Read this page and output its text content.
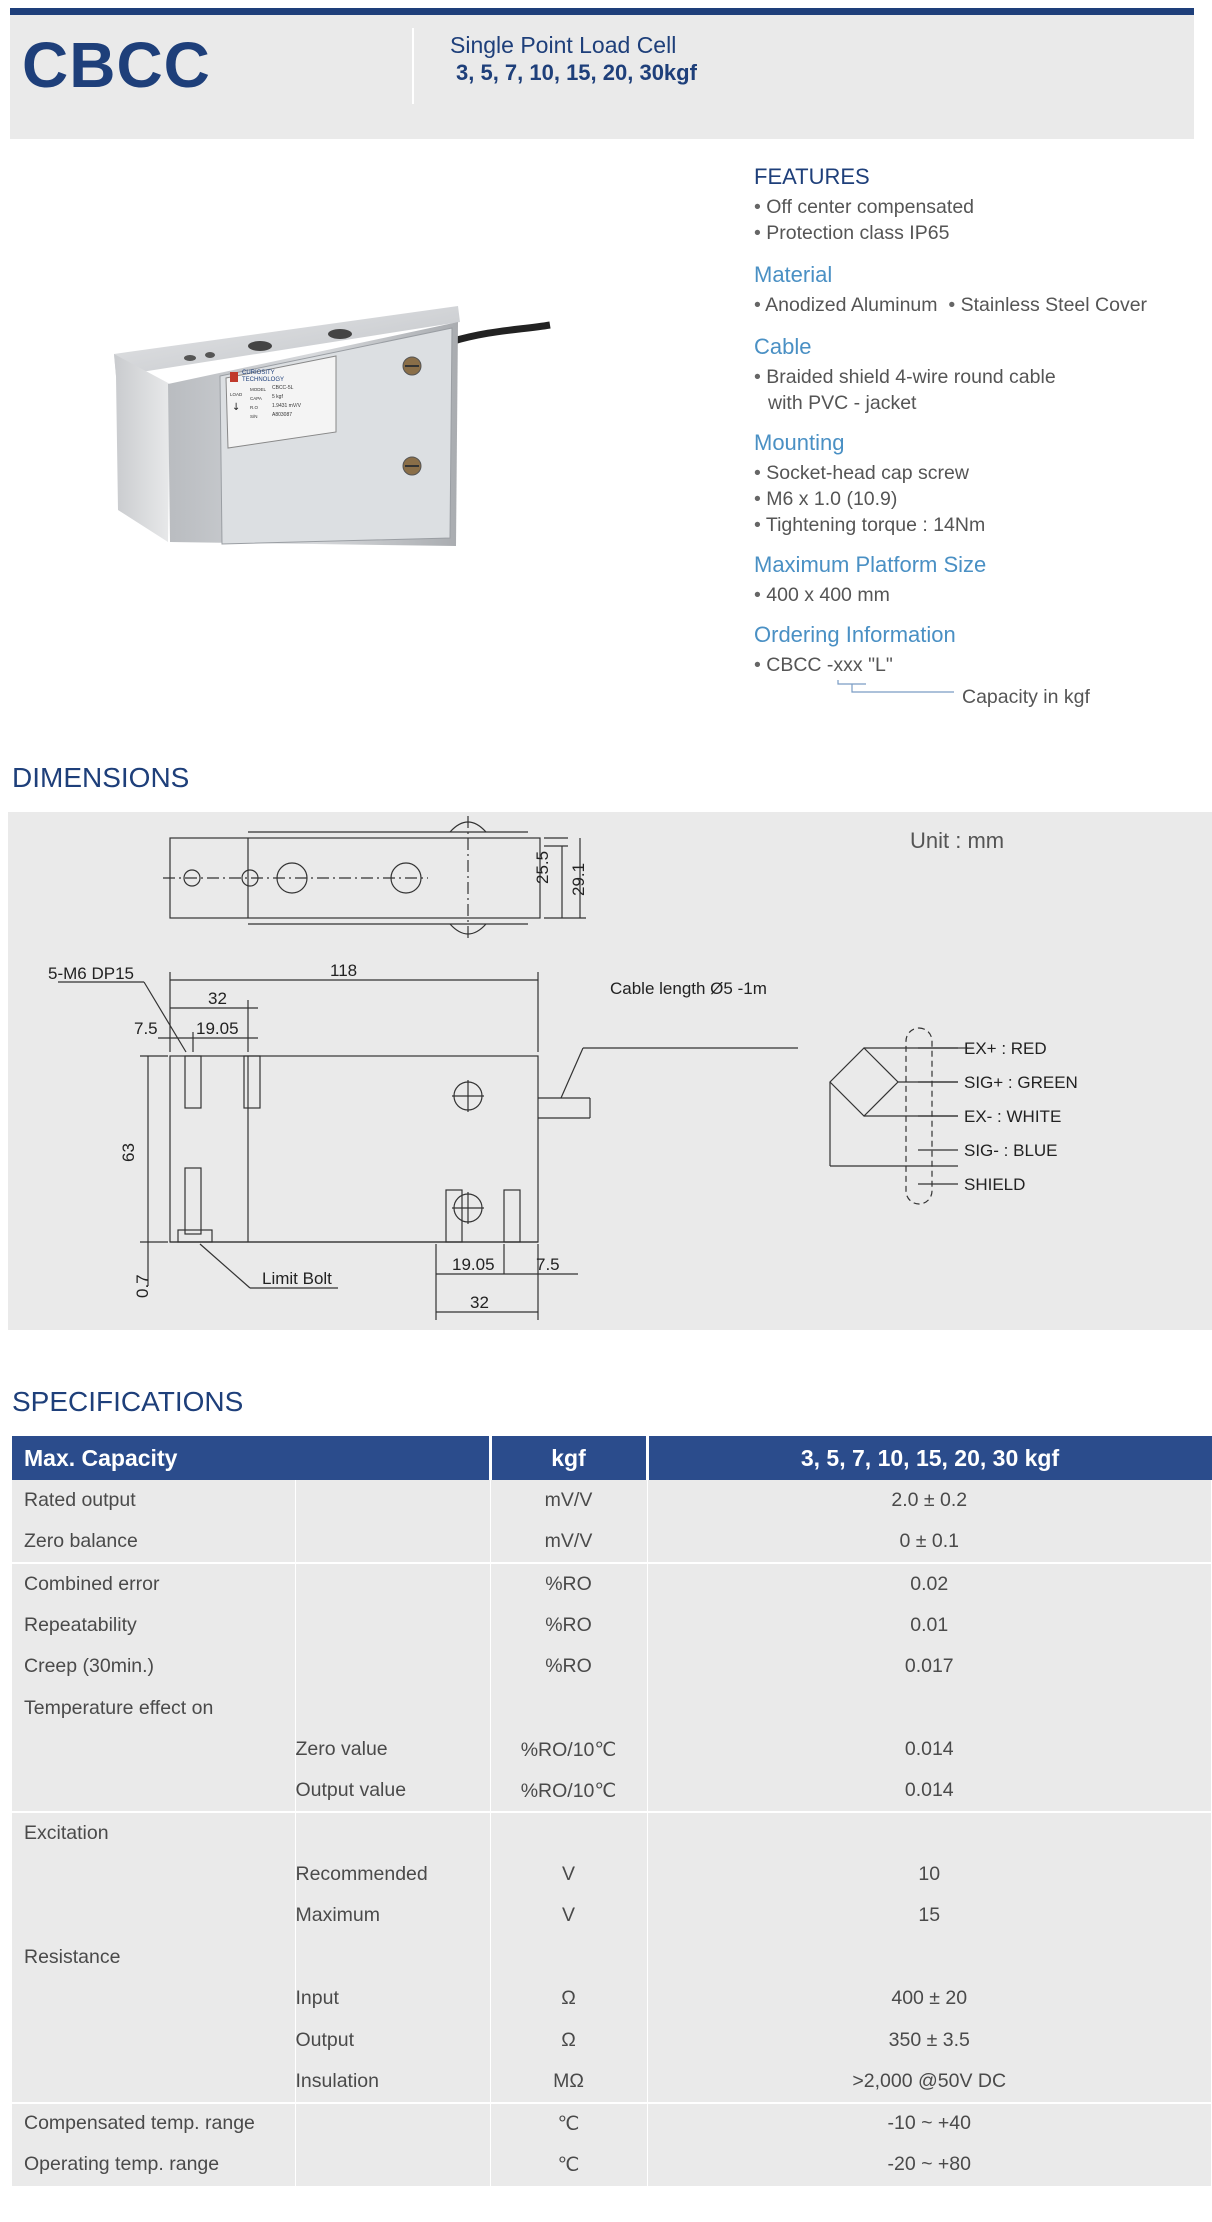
CBCC	Single Point Load Cell
3, 5, 7, 10, 15, 20, 30kgf
CURIOSITY
TECHNOLOGY
LOAD
MODEL CBCC-5L
CAPA 5 kgf
R.O	1.9431 mV/V
S/N	A803087
↓
FEATURES
• Off center compensated
• Protection class IP65
Material
• Anodized Aluminum • Stainless Steel Cover
Cable
• Braided shield 4-wire round cable
with PVC - jacket
Mounting
• Socket-head cap screw
• M6 x 1.0 (10.9)
• Tightening torque : 14Nm
Maximum Platform Size
• 400 x 400 mm
Ordering Information
• CBCC -xxx "L"
Capacity in kgf
DIMENSIONS
Unit : mm
25.5 29.1
5-M6 DP15	118
32
7.5 19.05
63
0.7	Limit Bolt
Cable length Ø5 -1m
19.05 7.5
32
EX+ : RED
SIG+ : GREEN
EX- : WHITE
SIG- : BLUE
SHIELD
SPECIFICATIONS
Max. Capacity		kgf	3, 5, 7, 10, 15, 20, 30 kgf
Rated output		mV/V	2.0 ± 0.2
Zero balance		mV/V	0 ± 0.1
Combined error		%RO	0.02
Repeatability		%RO	0.01
Creep (30min.)		%RO	0.017
Temperature effect on			
	Zero value	%RO/10℃	0.014
	Output value	%RO/10℃	0.014
Excitation			
	Recommended	V	10
	Maximum	V	15
Resistance			
	Input	Ω	400 ± 20
	Output	Ω	350 ± 3.5
	Insulation	MΩ	>2,000 @50V DC
Compensated temp. range		℃	-10 ~ +40
Operating temp. range		℃	-20 ~ +80
